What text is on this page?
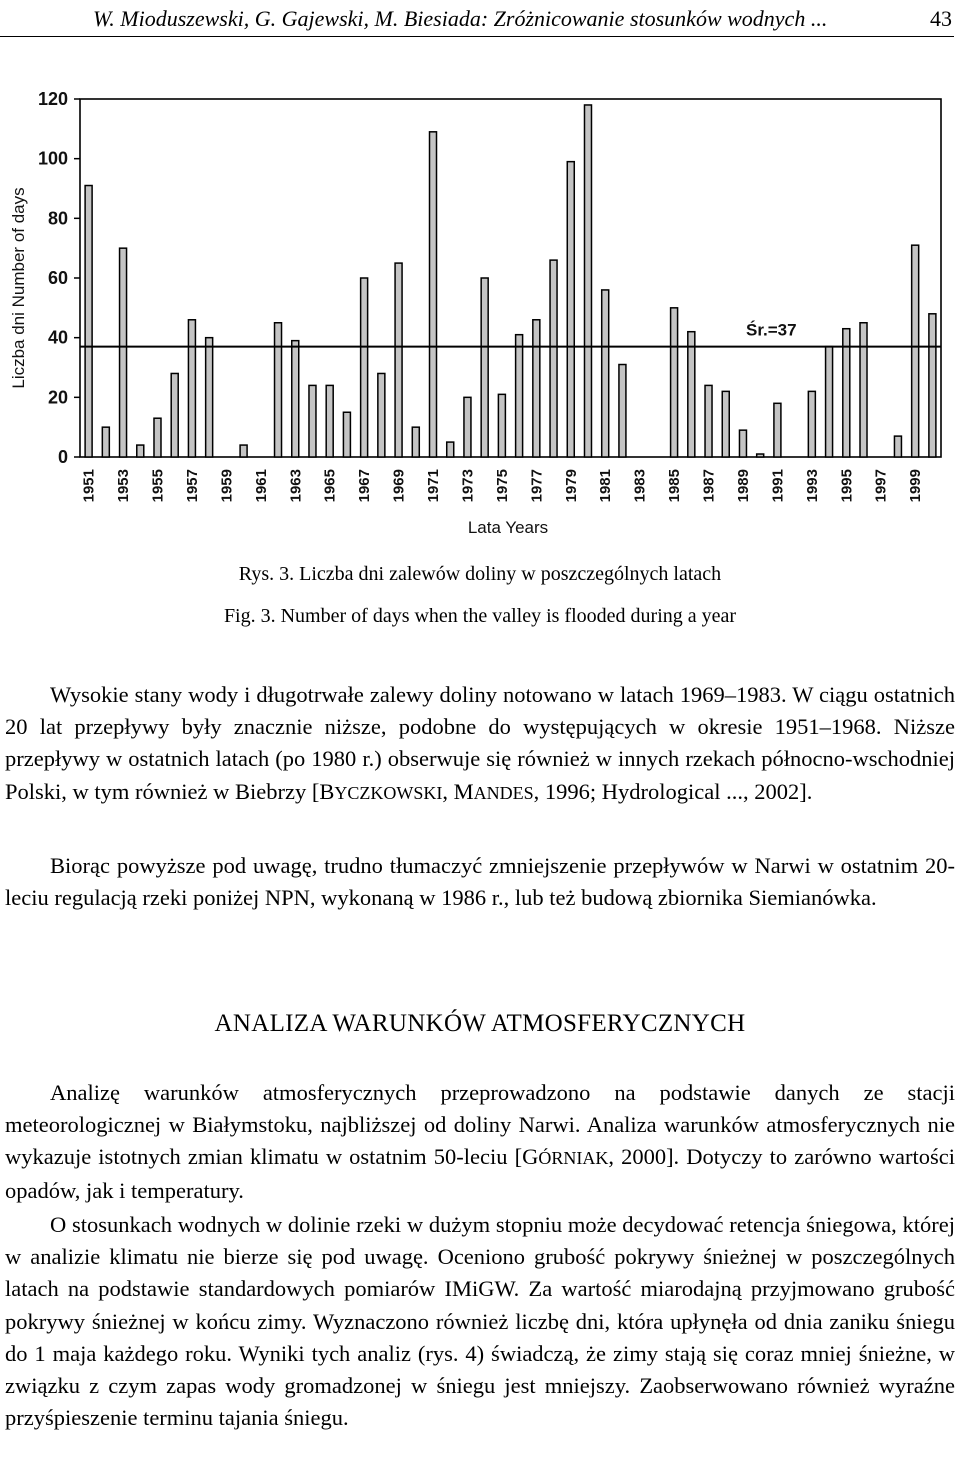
W. Mioduszewski, G. Gajewski, M. Biesiada: Zróżnicowanie stosunków wodnych ...	43
0
20
40
60
80
100
120
Śr.=37
1951 1953 1955 1957 1959 1961 1963 1965 1967 1969 1971 1973 1975 1977 1979 1981 1983 1985 1987 1989 1991 1993 1995 1997 1999
Liczba dni Number of days
Lata Years
Rys. 3. Liczba dni zalewów doliny w poszczególnych latach
Fig. 3. Number of days when the valley is flooded during a year

Wysokie stany wody i długotrwałe zalewy doliny notowano w latach 1969–1983. W ciągu ostatnich 20 lat przepływy były znacznie niższe, podobne do występujących w okresie 1951–1968. Niższe przepływy w ostatnich latach (po 1980 r.) obserwuje się również w innych rzekach północno-wschodniej Polski, w tym również w Biebrzy [BYCZKOWSKI, MANDES, 1996; Hydrological ..., 2002].

Biorąc powyższe pod uwagę, trudno tłumaczyć zmniejszenie przepływów w Narwi w ostatnim 20-leciu regulacją rzeki poniżej NPN, wykonaną w 1986 r., lub też budową zbiornika Siemianówka.

ANALIZA WARUNKÓW ATMOSFERYCZNYCH

Analizę warunków atmosferycznych przeprowadzono na podstawie danych ze stacji meteorologicznej w Białymstoku, najbliższej od doliny Narwi. Analiza warunków atmosferycznych nie wykazuje istotnych zmian klimatu w ostatnim 50-leciu [GÓRNIAK, 2000]. Dotyczy to zarówno wartości opadów, jak i temperatury.

O stosunkach wodnych w dolinie rzeki w dużym stopniu może decydować retencja śniegowa, której w analizie klimatu nie bierze się pod uwagę. Oceniono grubość pokrywy śnieżnej w poszczególnych latach na podstawie standardowych pomiarów IMiGW. Za wartość miarodajną przyjmowano grubość pokrywy śnieżnej w końcu zimy. Wyznaczono również liczbę dni, która upłynęła od dnia zaniku śniegu do 1 maja każdego roku. Wyniki tych analiz (rys. 4) świadczą, że zimy stają się coraz mniej śnieżne, w związku z czym zapas wody gromadzonej w śniegu jest mniejszy. Zaobserwowano również wyraźne przyśpieszenie terminu tajania śniegu.
